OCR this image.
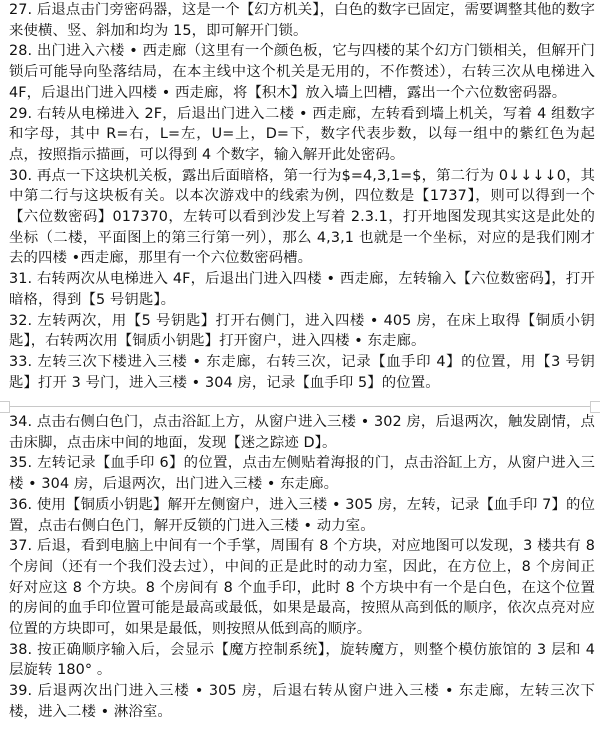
27. 后退点击门旁密码器，这是一个【幻方机关】，白色的数字已固定，需要调整其他的数字来使横、竖、斜加和均为 15，即可解开门锁。

28. 出门进入六楼 • 西走廊（这里有一个颜色板，它与四楼的某个幻方门锁相关，但解开门锁后可能导向坠落结局，在本主线中这个机关是无用的，不作赘述），右转三次从电梯进入 4F，后退出门进入四楼 • 西走廊，将【积木】放入墙上凹槽，露出一个六位数密码器。

29. 右转从电梯进入 2F，后退出门进入二楼 • 西走廊，左转看到墙上机关，写着 4 组数字和字母，其中 R=右，L=左，U=上，D=下，数字代表步数，以每一组中的紫红色为起点，按照指示描画，可以得到 4 个数字，输入解开此处密码。

30. 再点一下这块机关板，露出后面暗格，第一行为$=4,3,1=$，第二行为 0↓↓↓↓0，其中第二行与这块板有关。以本次游戏中的线索为例，四位数是【1737】，则可以得到一个【六位数密码】017370，左转可以看到沙发上写着 2.3.1，打开地图发现其实这是此处的坐标（二楼，平面图上的第三行第一列），那么 4,3,1 也就是一个坐标，对应的是我们刚才去的四楼 •西走廊，那里有一个六位数密码槽。

31. 右转两次从电梯进入 4F，后退出门进入四楼 • 西走廊，左转输入【六位数密码】，打开暗格，得到【5 号钥匙】。

32. 左转两次，用【5 号钥匙】打开右侧门，进入四楼 • 405 房，在床上取得【铜质小钥匙】，右转两次用【铜质小钥匙】打开窗户，进入四楼 • 东走廊。

33. 左转三次下楼进入三楼 • 东走廊，右转三次，记录【血手印 4】的位置，用【3 号钥匙】打开 3 号门，进入三楼 • 304 房，记录【血手印 5】的位置。

34. 点击右侧白色门，点击浴缸上方，从窗户进入三楼 • 302 房，后退两次，触发剧情，点击床脚，点击床中间的地面，发现【迷之踪迹 D】。

35. 左转记录【血手印 6】的位置，点击左侧贴着海报的门，点击浴缸上方，从窗户进入三楼 • 304 房，后退两次，出门进入三楼 • 东走廊。

36. 使用【铜质小钥匙】解开左侧窗户，进入三楼 • 305 房，左转，记录【血手印 7】的位置，点击右侧白色门，解开反锁的门进入三楼 • 动力室。

37. 后退，看到电脑上中间有一个手掌，周围有 8 个方块，对应地图可以发现，3 楼共有 8 个房间（还有一个我们没去过），中间的正是此时的动力室，因此，在方位上，8 个房间正好对应这 8 个方块。8 个房间有 8 个血手印，此时 8 个方块中有一个是白色，在这个位置的房间的血手印位置可能是最高或最低，如果是最高，按照从高到低的顺序，依次点亮对应位置的方块即可，如果是最低，则按照从低到高的顺序。

38. 按正确顺序输入后，会显示【魔方控制系统】，旋转魔方，则整个模仿旅馆的 3 层和 4 层旋转 180° 。

39. 后退两次出门进入三楼 • 305 房，后退右转从窗户进入三楼 • 东走廊，左转三次下楼，进入二楼 • 淋浴室。
